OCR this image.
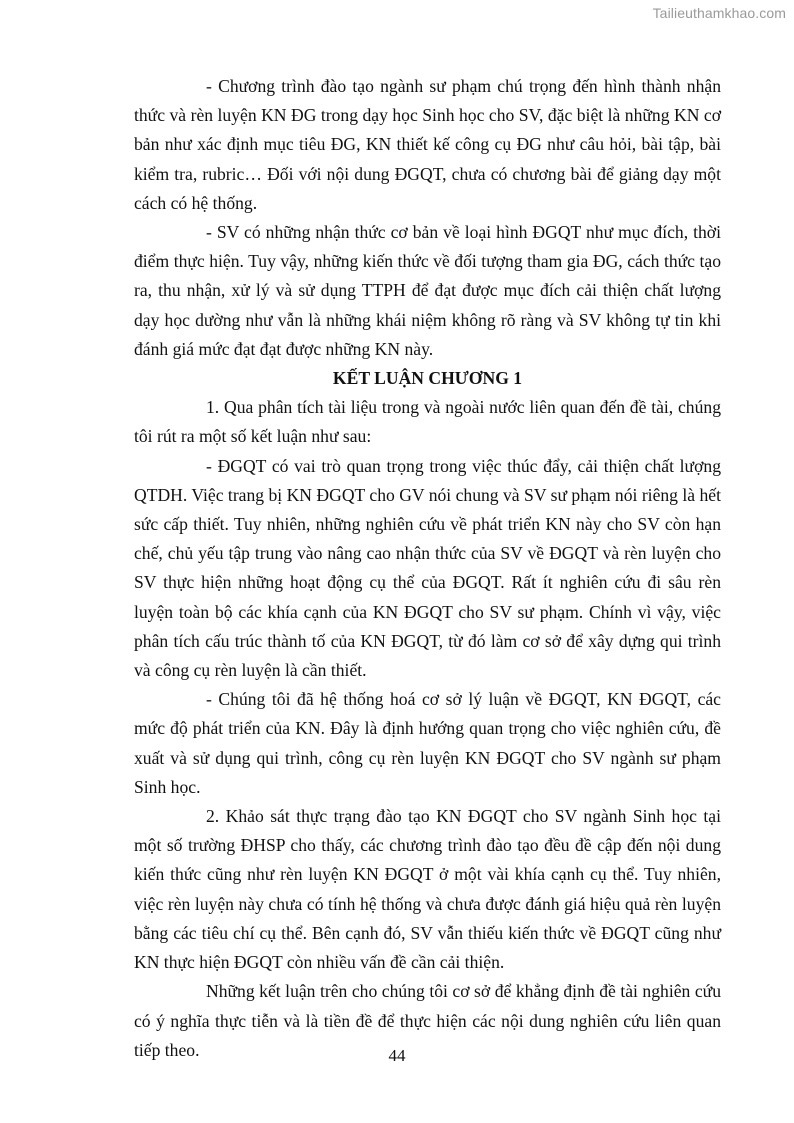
Tailieuthamkhao.com

- Chương trình đào tạo ngành sư phạm chú trọng đến hình thành nhận thức và rèn luyện KN ĐG trong dạy học Sinh học cho SV, đặc biệt là những KN cơ bản như xác định mục tiêu ĐG, KN thiết kế công cụ ĐG như câu hỏi, bài tập, bài kiểm tra, rubric… Đối với nội dung ĐGQT, chưa có chương bài để giảng dạy một cách có hệ thống.

- SV có những nhận thức cơ bản về loại hình ĐGQT như mục đích, thời điểm thực hiện. Tuy vậy, những kiến thức về đối tượng tham gia ĐG, cách thức tạo ra, thu nhận, xử lý và sử dụng TTPH để đạt được mục đích cải thiện chất lượng dạy học dường như vẫn là những khái niệm không rõ ràng và SV không tự tin khi đánh giá mức đạt đạt được những KN này.

KẾT LUẬN CHƯƠNG 1

1. Qua phân tích tài liệu trong và ngoài nước liên quan đến đề tài, chúng tôi rút ra một số kết luận như sau:

- ĐGQT có vai trò quan trọng trong việc thúc đẩy, cải thiện chất lượng QTDH. Việc trang bị KN ĐGQT cho GV nói chung và SV sư phạm nói riêng là hết sức cấp thiết. Tuy nhiên, những nghiên cứu về phát triển KN này cho SV còn hạn chế, chủ yếu tập trung vào nâng cao nhận thức của SV về ĐGQT và rèn luyện cho SV thực hiện những hoạt động cụ thể của ĐGQT. Rất ít nghiên cứu đi sâu rèn luyện toàn bộ các khía cạnh của KN ĐGQT cho SV sư phạm. Chính vì vậy, việc phân tích cấu trúc thành tố của KN ĐGQT, từ đó làm cơ sở để xây dựng qui trình và công cụ rèn luyện là cần thiết.

- Chúng tôi đã hệ thống hoá cơ sở lý luận về ĐGQT, KN ĐGQT, các mức độ phát triển của KN. Đây là định hướng quan trọng cho việc nghiên cứu, đề xuất và sử dụng qui trình, công cụ rèn luyện KN ĐGQT cho SV ngành sư phạm Sinh học.

2. Khảo sát thực trạng đào tạo KN ĐGQT cho SV ngành Sinh học tại một số trường ĐHSP cho thấy, các chương trình đào tạo đều đề cập đến nội dung kiến thức cũng như rèn luyện KN ĐGQT ở một vài khía cạnh cụ thể. Tuy nhiên, việc rèn luyện này chưa có tính hệ thống và chưa được đánh giá hiệu quả rèn luyện bằng các tiêu chí cụ thể. Bên cạnh đó, SV vẫn thiếu kiến thức về ĐGQT cũng như KN thực hiện ĐGQT còn nhiều vấn đề cần cải thiện.

Những kết luận trên cho chúng tôi cơ sở để khẳng định đề tài nghiên cứu có ý nghĩa thực tiễn và là tiền đề để thực hiện các nội dung nghiên cứu liên quan tiếp theo.	44
